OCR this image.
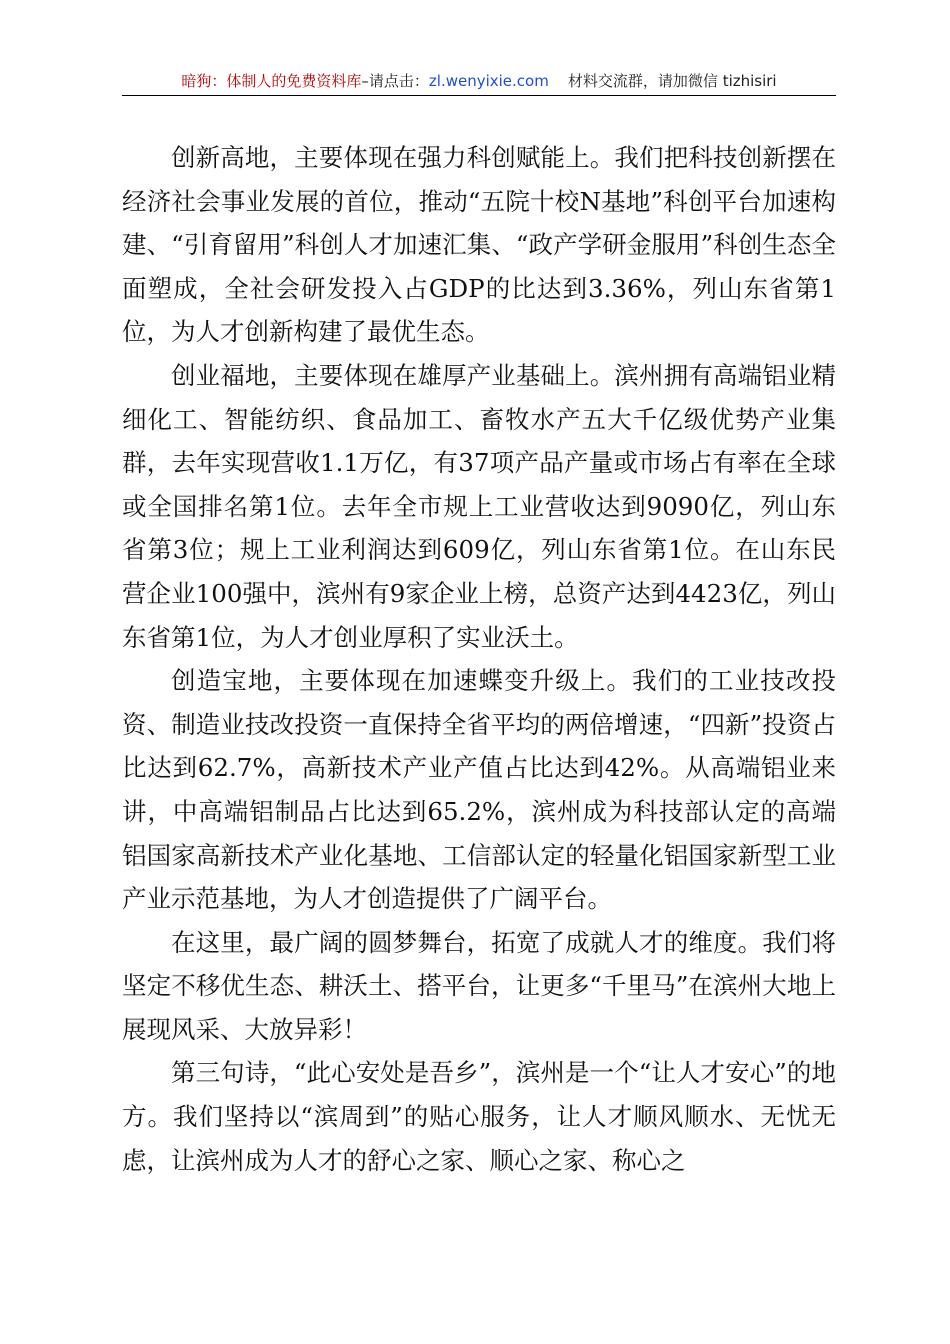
暗狗：体制人的免费资料库–请点击：zl.wenyixie.com 材料交流群，请加微信 tizhisiri

创新高地，主要体现在强力科创赋能上。我们把科技创新摆在经济社会事业发展的首位，推动“五院十校N基地”科创平台加速构建、“引育留用”科创人才加速汇集、“政产学研金服用”科创生态全面塑成，全社会研发投入占GDP的比达到3.36%，列山东省第1位，为人才创新构建了最优生态。

创业福地，主要体现在雄厚产业基础上。滨州拥有高端铝业精细化工、智能纺织、食品加工、畜牧水产五大千亿级优势产业集群，去年实现营收1.1万亿，有37项产品产量或市场占有率在全球或全国排名第1位。去年全市规上工业营收达到9090亿，列山东省第3位；规上工业利润达到609亿，列山东省第1位。在山东民营企业100强中，滨州有9家企业上榜，总资产达到4423亿，列山东省第1位，为人才创业厚积了实业沃土。

创造宝地，主要体现在加速蝶变升级上。我们的工业技改投资、制造业技改投资一直保持全省平均的两倍增速，“四新”投资占比达到62.7%，高新技术产业产值占比达到42%。从高端铝业来讲，中高端铝制品占比达到65.2%，滨州成为科技部认定的高端铝国家高新技术产业化基地、工信部认定的轻量化铝国家新型工业产业示范基地，为人才创造提供了广阔平台。

在这里，最广阔的圆梦舞台，拓宽了成就人才的维度。我们将坚定不移优生态、耕沃土、搭平台，让更多“千里马”在滨州大地上展现风采、大放异彩！

第三句诗，“此心安处是吾乡”，滨州是一个“让人才安心”的地方。我们坚持以“滨周到”的贴心服务，让人才顺风顺水、无忧无虑，让滨州成为人才的舒心之家、顺心之家、称心之
